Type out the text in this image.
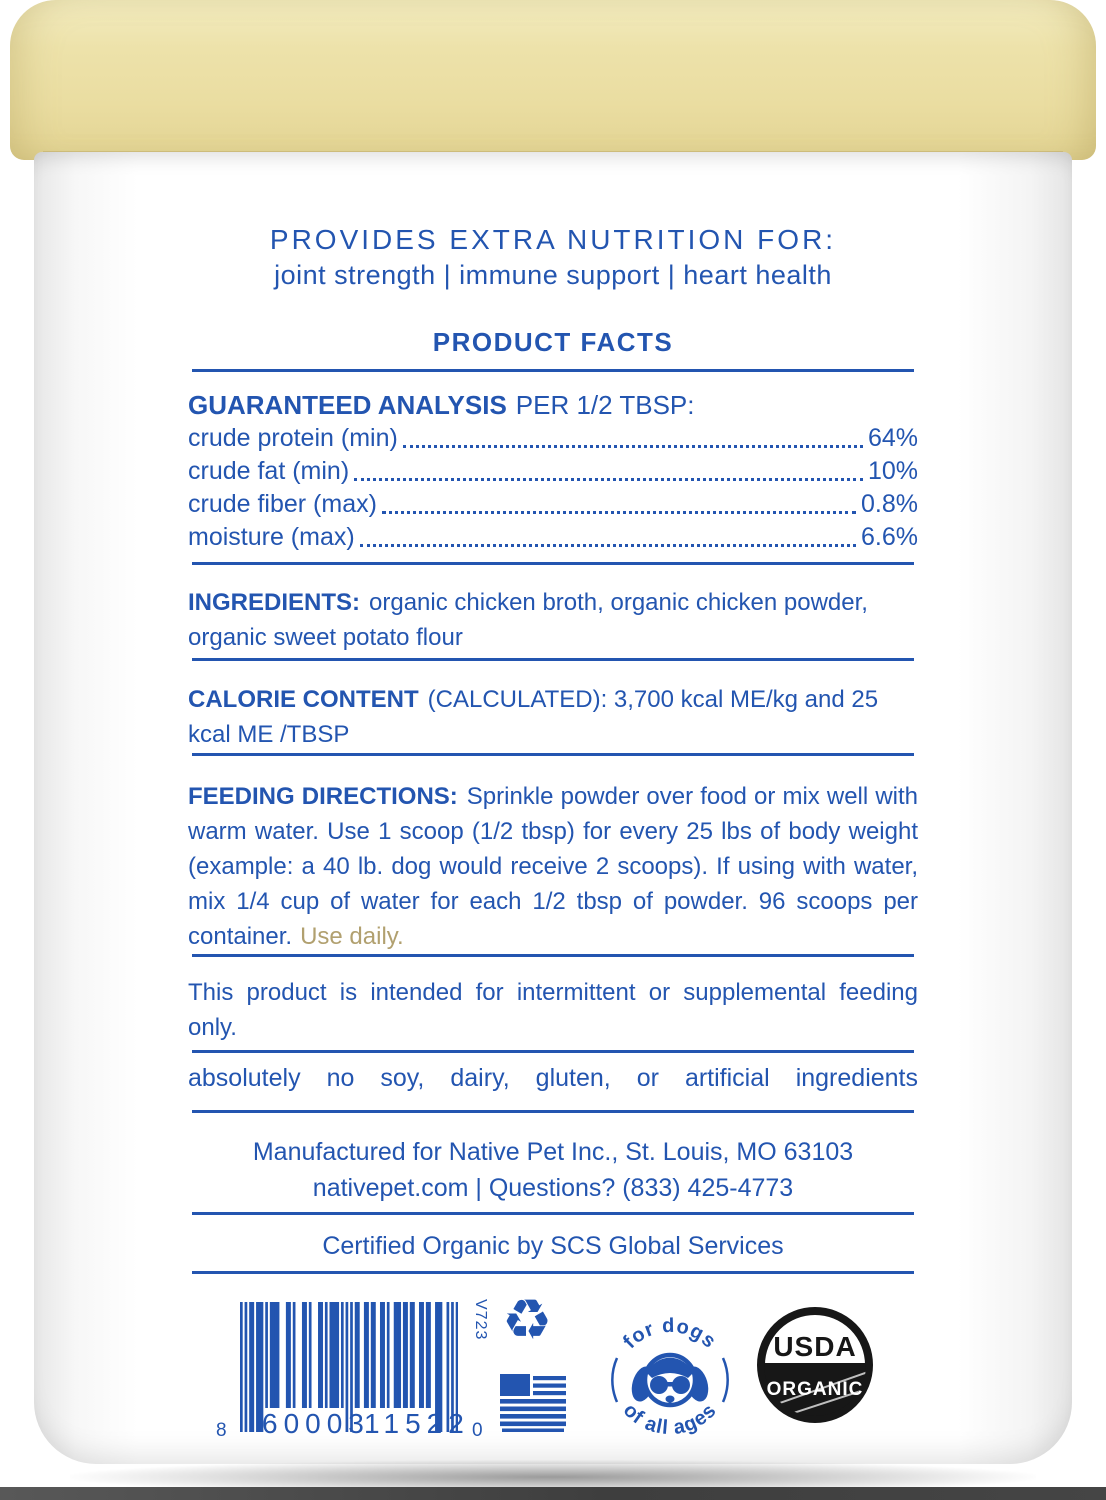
PROVIDES EXTRA NUTRITION FOR:

joint strength | immune support | heart health

PRODUCT FACTS

GUARANTEED ANALYSIS PER 1/2 TBSP:

crude protein (min)	64%
crude fat (min)	10%
crude fiber (max)	0.8%
moisture (max)	6.6%

INGREDIENTS: organic chicken broth, organic chicken powder, organic sweet potato flour

CALORIE CONTENT (CALCULATED): 3,700 kcal ME/kg and 25 kcal ME /TBSP

FEEDING DIRECTIONS: Sprinkle powder over food or mix well with warm water. Use 1 scoop (1/2 tbsp) for every 25 lbs of body weight (example: a 40 lb. dog would receive 2 scoops). If using with water, mix 1/4 cup of water for each 1/2 tbsp of powder. 96 scoops per container. Use daily.

This product is intended for intermittent or supplemental feeding only.

absolutely no soy, dairy, gluten, or artificial ingredients

Manufactured for Native Pet Inc., St. Louis, MO 63103

nativepet.com | Questions? (833) 425-4773

Certified Organic by SCS Global Services

8 60003
11522 0
V723 ♻	for dogs
of all ages
USDA
ORGANIC
